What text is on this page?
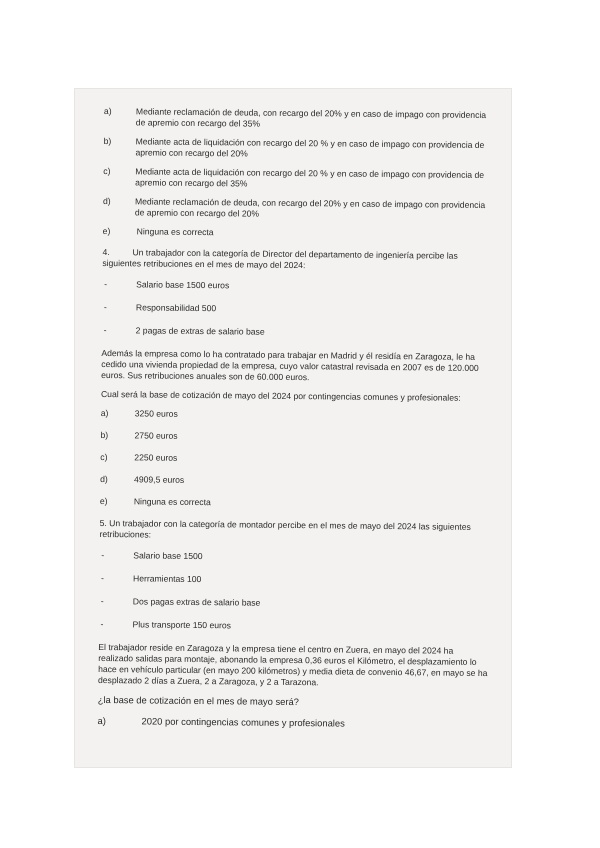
a)	Mediante reclamación de deuda, con recargo del 20% y en caso de impago con providencia de apremio con recargo del 35%
b)	Mediante acta de liquidación con recargo del 20 % y en caso de impago con providencia de apremio con recargo del 20%
c)	Mediante acta de liquidación con recargo del 20 % y en caso de impago con providencia de apremio con recargo del 35%
d)	Mediante reclamación de deuda, con recargo del 20% y en caso de impago con providencia de apremio con recargo del 20%
e)	Ninguna es correcta
4.	Un trabajador con la categoría de Director del departamento de ingeniería percibe las siguientes retribuciones en el mes de mayo del 2024:
-	Salario base 1500 euros
-	Responsabilidad 500
-	2 pagas de extras de salario base
Además la empresa como lo ha contratado para trabajar en Madrid y él residía en Zaragoza, le ha cedido una vivienda propiedad de la empresa, cuyo valor catastral revisada en 2007 es de 120.000 euros. Sus retribuciones anuales son de 60.000 euros.
Cual será la base de cotización de mayo del 2024 por contingencias comunes y profesionales:
a)	3250 euros
b)	2750 euros
c)	2250 euros
d)	4909,5 euros
e)	Ninguna es correcta
5. Un trabajador con la categoría de montador percibe en el mes de mayo del 2024 las siguientes retribuciones:
-	Salario base 1500
-	Herramientas 100
-	Dos pagas extras de salario base
-	Plus transporte 150 euros
El trabajador reside en Zaragoza y la empresa tiene el centro en Zuera, en mayo del 2024 ha realizado salidas para montaje, abonando la empresa 0,36 euros el Kilómetro, el desplazamiento lo hace en vehículo particular (en mayo 200 kilómetros) y media dieta de convenio 46,67, en mayo se ha desplazado 2 días a Zuera, 2 a Zaragoza, y 2 a Tarazona.
¿la base de cotización en el mes de mayo será?
a)	2020 por contingencias comunes y profesionales
